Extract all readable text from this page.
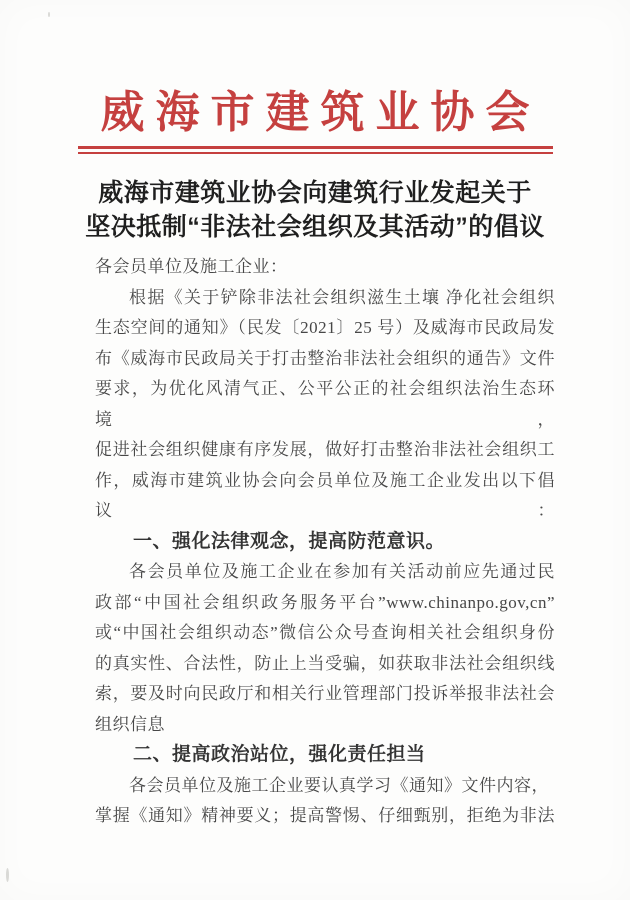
威海市建筑业协会
威海市建筑业协会向建筑行业发起关于
坚决抵制“非法社会组织及其活动”的倡议
各会员单位及施工企业：
根据《关于铲除非法社会组织滋生土壤 净化社会组织
生态空间的通知》（民发〔2021〕25 号）及威海市民政局发
布《威海市民政局关于打击整治非法社会组织的通告》文件
要求，为优化风清气正、公平公正的社会组织法治生态环境，
促进社会组织健康有序发展，做好打击整治非法社会组织工
作，威海市建筑业协会向会员单位及施工企业发出以下倡议：
一、强化法律观念，提高防范意识。
各会员单位及施工企业在参加有关活动前应先通过民
政部“中国社会组织政务服务平台”www.chinanpo.gov,cn”
或“中国社会组织动态”微信公众号查询相关社会组织身份
的真实性、合法性，防止上当受骗，如获取非法社会组织线
索，要及时向民政厅和相关行业管理部门投诉举报非法社会
组织信息
二、提高政治站位，强化责任担当
各会员单位及施工企业要认真学习《通知》文件内容，
掌握《通知》精神要义；提高警惕、仔细甄别，拒绝为非法
